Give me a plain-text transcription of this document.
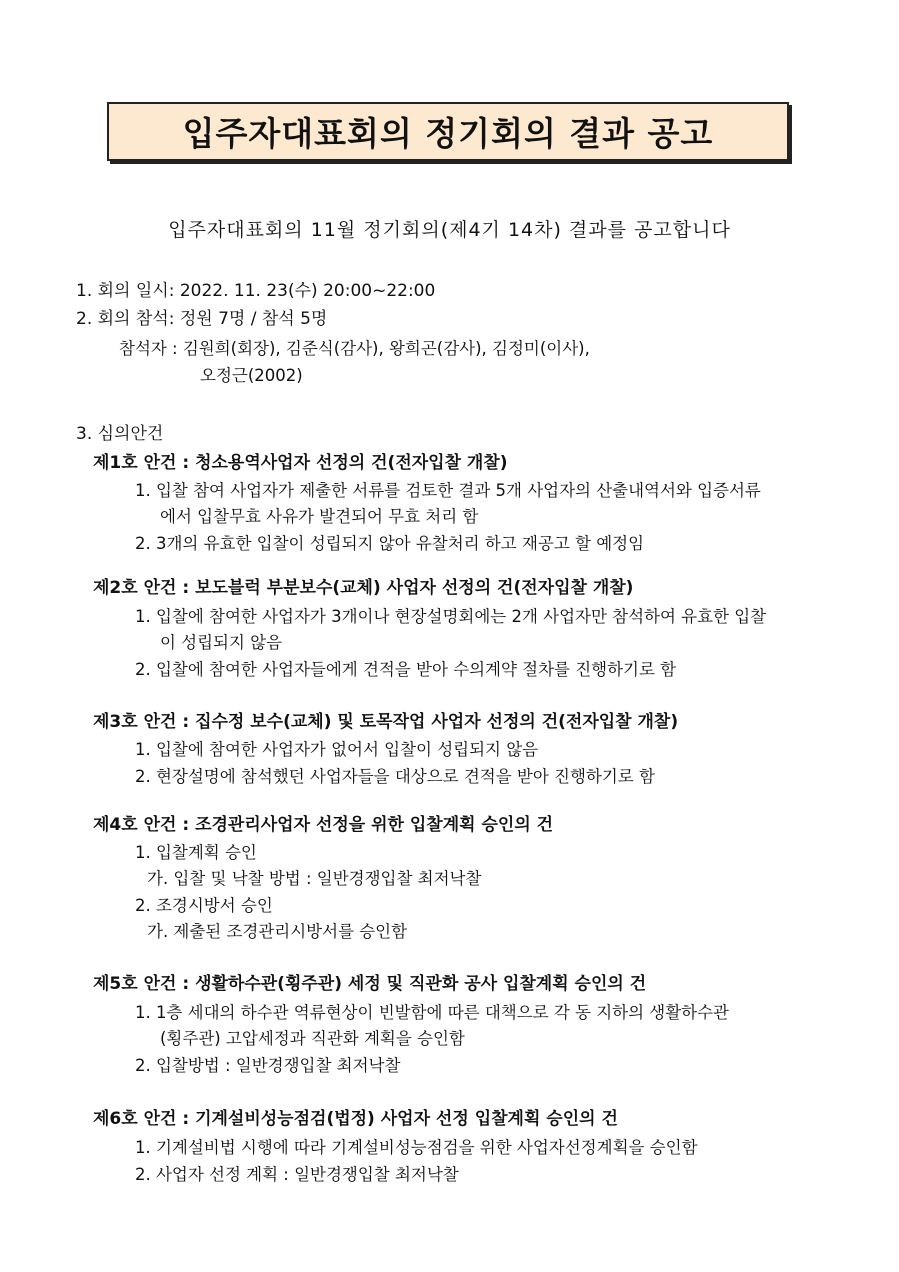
입주자대표회의 정기회의 결과 공고
입주자대표회의 11월 정기회의(제4기 14차) 결과를 공고합니다
1. 회의 일시: 2022. 11. 23(수) 20:00~22:00
2. 회의 참석: 정원 7명 / 참석 5명
참석자 : 김원희(회장), 김준식(감사), 왕희곤(감사), 김정미(이사),
오정근(2002)
3. 심의안건
제1호 안건 : 청소용역사업자 선정의 건(전자입찰 개찰)
1. 입찰 참여 사업자가 제출한 서류를 검토한 결과 5개 사업자의 산출내역서와 입증서류
에서 입찰무효 사유가 발견되어 무효 처리 함
2. 3개의 유효한 입찰이 성립되지 않아 유찰처리 하고 재공고 할 예정임
제2호 안건 : 보도블럭 부분보수(교체) 사업자 선정의 건(전자입찰 개찰)
1. 입찰에 참여한 사업자가 3개이나 현장설명회에는 2개 사업자만 참석하여 유효한 입찰
이 성립되지 않음
2. 입찰에 참여한 사업자들에게 견적을 받아 수의계약 절차를 진행하기로 함
제3호 안건 : 집수정 보수(교체) 및 토목작업 사업자 선정의 건(전자입찰 개찰)
1. 입찰에 참여한 사업자가 없어서 입찰이 성립되지 않음
2. 현장설명에 참석했던 사업자들을 대상으로 견적을 받아 진행하기로 함
제4호 안건 : 조경관리사업자 선정을 위한 입찰계획 승인의 건
1. 입찰계획 승인
가. 입찰 및 낙찰 방법 : 일반경쟁입찰 최저낙찰
2. 조경시방서 승인
가. 제출된 조경관리시방서를 승인함
제5호 안건 : 생활하수관(횡주관) 세정 및 직관화 공사 입찰계획 승인의 건
1. 1층 세대의 하수관 역류현상이 빈발함에 따른 대책으로 각 동 지하의 생활하수관
(횡주관) 고압세정과 직관화 계획을 승인함
2. 입찰방법 : 일반경쟁입찰 최저낙찰
제6호 안건 : 기계설비성능점검(법정) 사업자 선정 입찰계획 승인의 건
1. 기계설비법 시행에 따라 기계설비성능점검을 위한 사업자선정계획을 승인함
2. 사업자 선정 계획 : 일반경쟁입찰 최저낙찰
